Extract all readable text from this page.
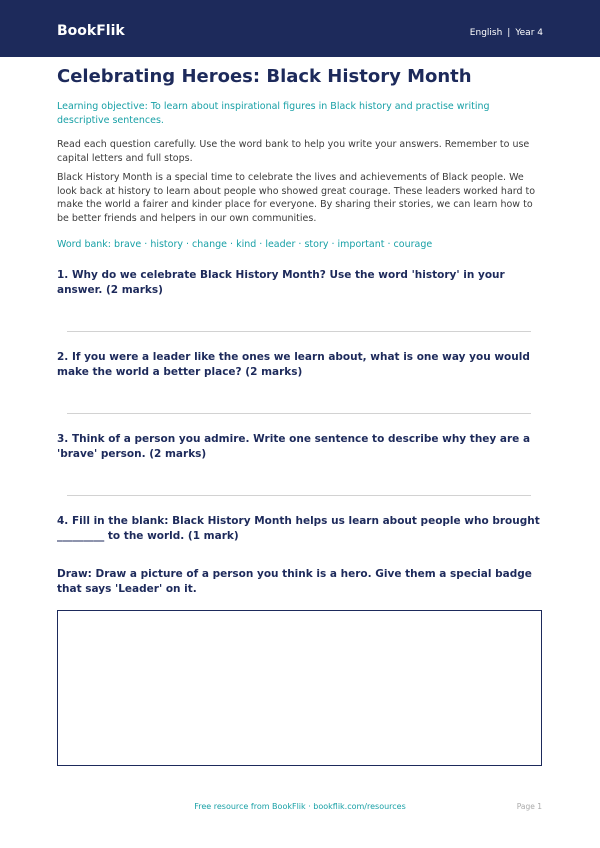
BookFlik	English | Year 4
Celebrating Heroes: Black History Month

Learning objective: To learn about inspirational figures in Black history and practise writing descriptive sentences.

Read each question carefully. Use the word bank to help you write your answers. Remember to use capital letters and full stops.

Black History Month is a special time to celebrate the lives and achievements of Black people. We look back at history to learn about people who showed great courage. These leaders worked hard to make the world a fairer and kinder place for everyone. By sharing their stories, we can learn how to be better friends and helpers in our own communities.

Word bank: brave · history · change · kind · leader · story · important · courage

1. Why do we celebrate Black History Month? Use the word 'history' in your answer. (2 marks)

2. If you were a leader like the ones we learn about, what is one way you would make the world a better place? (2 marks)

3. Think of a person you admire. Write one sentence to describe why they are a 'brave' person. (2 marks)

4. Fill in the blank: Black History Month helps us learn about people who brought _________ to the world. (1 mark)

Draw: Draw a picture of a person you think is a hero. Give them a special badge that says 'Leader' on it.

Free resource from BookFlik · bookflik.com/resources	Page 1
